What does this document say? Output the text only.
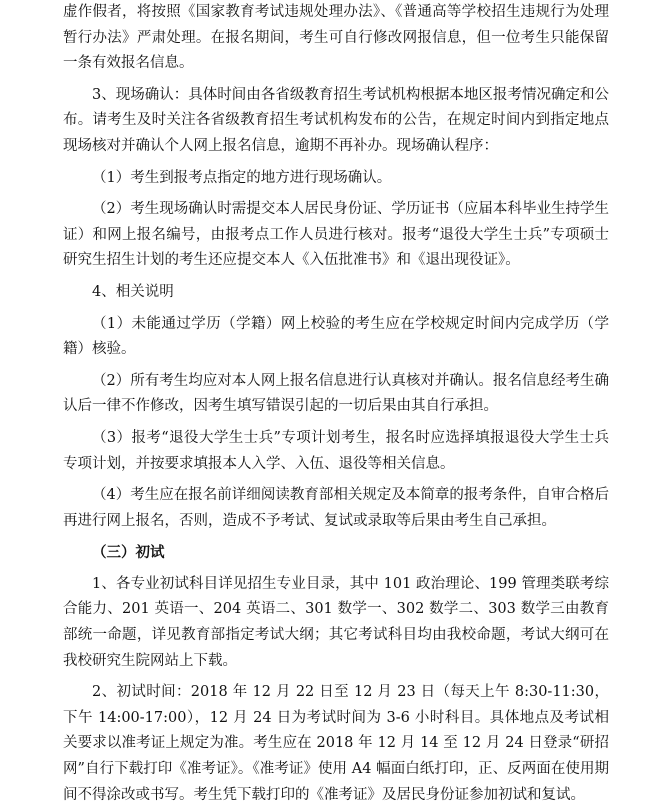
虚作假者，将按照《国家教育考试违规处理办法》、《普通高等学校招生违规行为处理暂行办法》严肃处理。在报名期间，考生可自行修改网报信息，但一位考生只能保留一条有效报名信息。

3、现场确认：具体时间由各省级教育招生考试机构根据本地区报考情况确定和公布。请考生及时关注各省级教育招生考试机构发布的公告，在规定时间内到指定地点现场核对并确认个人网上报名信息，逾期不再补办。现场确认程序：

（1）考生到报考点指定的地方进行现场确认。

（2）考生现场确认时需提交本人居民身份证、学历证书（应届本科毕业生持学生证）和网上报名编号，由报考点工作人员进行核对。报考“退役大学生士兵”专项硕士研究生招生计划的考生还应提交本人《入伍批准书》和《退出现役证》。

4、相关说明

（1）未能通过学历（学籍）网上校验的考生应在学校规定时间内完成学历（学籍）核验。

（2）所有考生均应对本人网上报名信息进行认真核对并确认。报名信息经考生确认后一律不作修改，因考生填写错误引起的一切后果由其自行承担。

（3）报考“退役大学生士兵”专项计划考生，报名时应选择填报退役大学生士兵专项计划，并按要求填报本人入学、入伍、退役等相关信息。

（4）考生应在报名前详细阅读教育部相关规定及本简章的报考条件，自审合格后再进行网上报名，否则，造成不予考试、复试或录取等后果由考生自己承担。

（三）初试

1、各专业初试科目详见招生专业目录，其中 101 政治理论、199 管理类联考综合能力、201 英语一、204 英语二、301 数学一、302 数学二、303 数学三由教育部统一命题，详见教育部指定考试大纲；其它考试科目均由我校命题，考试大纲可在我校研究生院网站上下载。

2、初试时间：2018 年 12 月 22 日至 12 月 23 日（每天上午 8:30-11:30，下午 14:00-17:00），12 月 24 日为考试时间为 3-6 小时科目。具体地点及考试相关要求以准考证上规定为准。考生应在 2018 年 12 月 14 至 12 月 24 日登录“研招网”自行下载打印《准考证》。《准考证》使用 A4 幅面白纸打印，正、反两面在使用期间不得涂改或书写。考生凭下载打印的《准考证》及居民身份证参加初试和复试。
